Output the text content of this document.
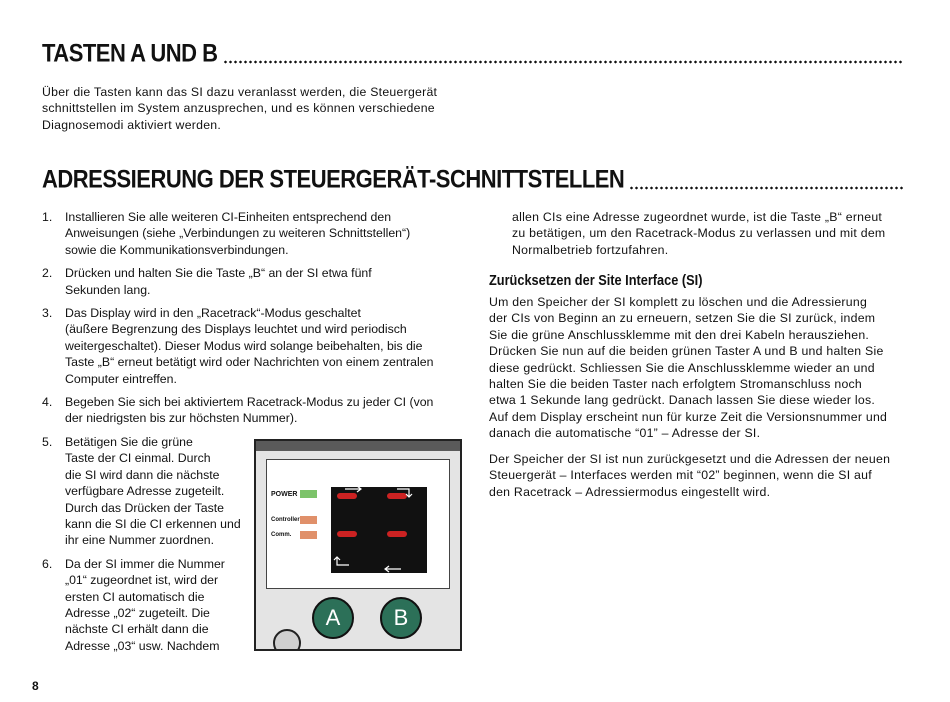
TASTEN A UND B

Über die Tasten kann das SI dazu veranlasst werden, die Steuergerät
schnittstellen im System anzusprechen, und es können verschiedene
Diagnosemodi aktiviert werden.

ADRESSIERUNG DER STEUERGERÄT-SCHNITTSTELLEN
1. Installieren Sie alle weiteren CI-Einheiten entsprechend den
Anweisungen (siehe „Verbindungen zu weiteren Schnittstellen“)
sowie die Kommunikationsverbindungen.
2. Drücken und halten Sie die Taste „B“ an der SI etwa fünf
Sekunden lang.
3. Das Display wird in den „Racetrack“-Modus geschaltet
(äußere Begrenzung des Displays leuchtet und wird periodisch
weitergeschaltet). Dieser Modus wird solange beibehalten, bis die
Taste „B“ erneut betätigt wird oder Nachrichten von einem zentralen
Computer eintreffen.
4. Begeben Sie sich bei aktiviertem Racetrack-Modus zu jeder CI (von
der niedrigsten bis zur höchsten Nummer).
5. Betätigen Sie die grüne
Taste der CI einmal. Durch
die SI wird dann die nächste
verfügbare Adresse zugeteilt.
Durch das Drücken der Taste
kann die SI die CI erkennen und
ihr eine Nummer zuordnen.
6. Da der SI immer die Nummer
„01“ zugeordnet ist, wird der
ersten CI automatisch die
Adresse „02“ zugeteilt. Die
nächste CI erhält dann die
Adresse „03“ usw. Nachdem
POWER
Controller
Comm.
A	B

allen CIs eine Adresse zugeordnet wurde, ist die Taste „B“ erneut
zu betätigen, um den Racetrack-Modus zu verlassen und mit dem
Normalbetrieb fortzufahren.

Zurücksetzen der Site Interface (SI)

Um den Speicher der SI komplett zu löschen und die Adressierung
der CIs von Beginn an zu erneuern, setzen Sie die SI zurück, indem
Sie die grüne Anschlussklemme mit den drei Kabeln herausziehen.
Drücken Sie nun auf die beiden grünen Taster A und B und halten Sie
diese gedrückt. Schliessen Sie die Anschlussklemme wieder an und
halten Sie die beiden Taster nach erfolgtem Stromanschluss noch
etwa 1 Sekunde lang gedrückt. Danach lassen Sie diese wieder los.
Auf dem Display erscheint nun für kurze Zeit die Versionsnummer und
danach die automatische “01” – Adresse der SI.

Der Speicher der SI ist nun zurückgesetzt und die Adressen der neuen
Steuergerät – Interfaces werden mit “02” beginnen, wenn die SI auf
den Racetrack – Adressiermodus eingestellt wird.

8
